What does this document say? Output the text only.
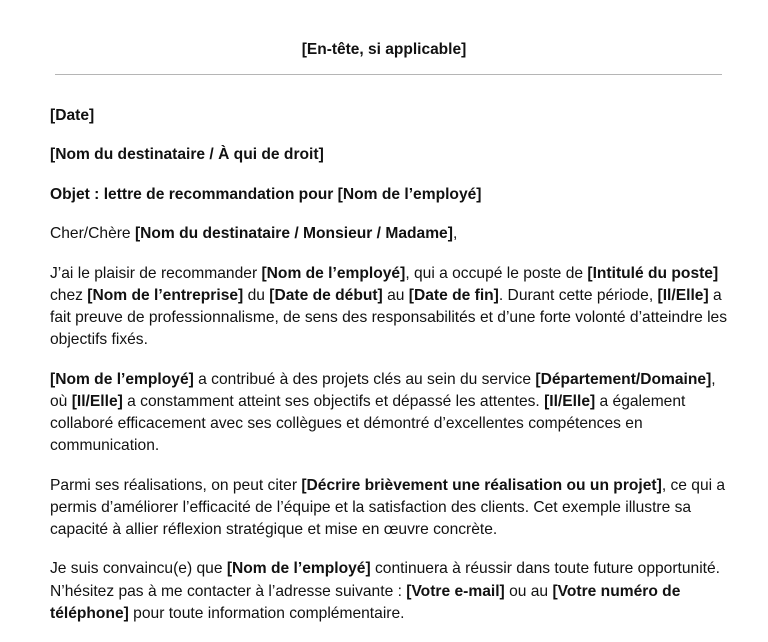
[En-tête, si applicable]

[Date]

[Nom du destinataire / À qui de droit]

Objet : lettre de recommandation pour [Nom de l’employé]

Cher/Chère [Nom du destinataire / Monsieur / Madame],

J’ai le plaisir de recommander [Nom de l’employé], qui a occupé le poste de [Intitulé du poste] chez [Nom de l’entreprise] du [Date de début] au [Date de fin]. Durant cette période, [Il/Elle] a fait preuve de professionnalisme, de sens des responsabilités et d’une forte volonté d’atteindre les objectifs fixés.

[Nom de l’employé] a contribué à des projets clés au sein du service [Département/Domaine], où [Il/Elle] a constamment atteint ses objectifs et dépassé les attentes. [Il/Elle] a également collaboré efficacement avec ses collègues et démontré d’excellentes compétences en communication.

Parmi ses réalisations, on peut citer [Décrire brièvement une réalisation ou un projet], ce qui a permis d’améliorer l’efficacité de l’équipe et la satisfaction des clients. Cet exemple illustre sa capacité à allier réflexion stratégique et mise en œuvre concrète.

Je suis convaincu(e) que [Nom de l’employé] continuera à réussir dans toute future opportunité. N’hésitez pas à me contacter à l’adresse suivante : [Votre e-mail] ou au [Votre numéro de téléphone] pour toute information complémentaire.
